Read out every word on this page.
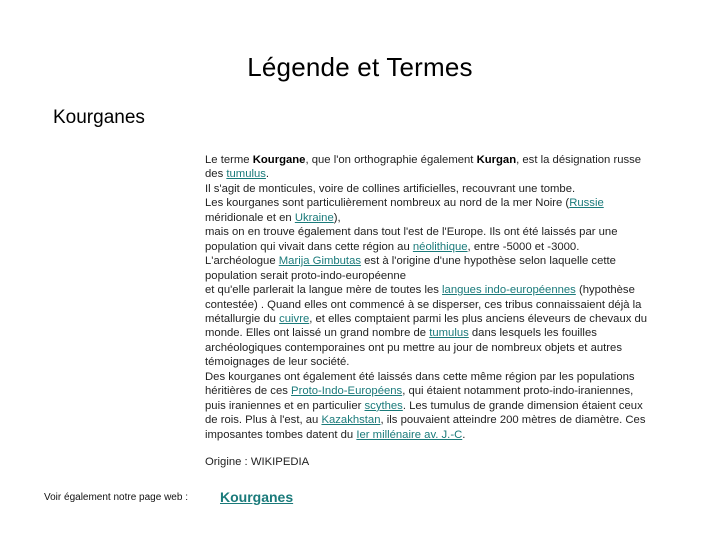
Légende et Termes
Kourganes

Le terme Kourgane, que l'on orthographie également Kurgan, est la désignation russe des tumulus.

Il s'agit de monticules, voire de collines artificielles, recouvrant une tombe.

Les kourganes sont particulièrement nombreux au nord de la mer Noire (Russie méridionale et en Ukraine),

mais on en trouve également dans tout l'est de l'Europe. Ils ont été laissés par une population qui vivait dans cette région au néolithique, entre -5000 et -3000.

L'archéologue Marija Gimbutas est à l'origine d'une hypothèse selon laquelle cette population serait proto-indo-européenne

et qu'elle parlerait la langue mère de toutes les langues indo-européennes (hypothèse contestée) . Quand elles ont commencé à se disperser, ces tribus connaissaient déjà la métallurgie du cuivre, et elles comptaient parmi les plus anciens éleveurs de chevaux du monde. Elles ont laissé un grand nombre de tumulus dans lesquels les fouilles archéologiques contemporaines ont pu mettre au jour de nombreux objets et autres témoignages de leur société.

Des kourganes ont également été laissés dans cette même région par les populations héritières de ces Proto-Indo-Européens, qui étaient notamment proto-indo-iraniennes, puis iraniennes et en particulier scythes. Les tumulus de grande dimension étaient ceux de rois. Plus à l'est, au Kazakhstan, ils pouvaient atteindre 200 mètres de diamètre. Ces imposantes tombes datent du Ier millénaire av. J.-C.

Origine : WIKIPEDIA
Voir également notre page web : Kourganes
